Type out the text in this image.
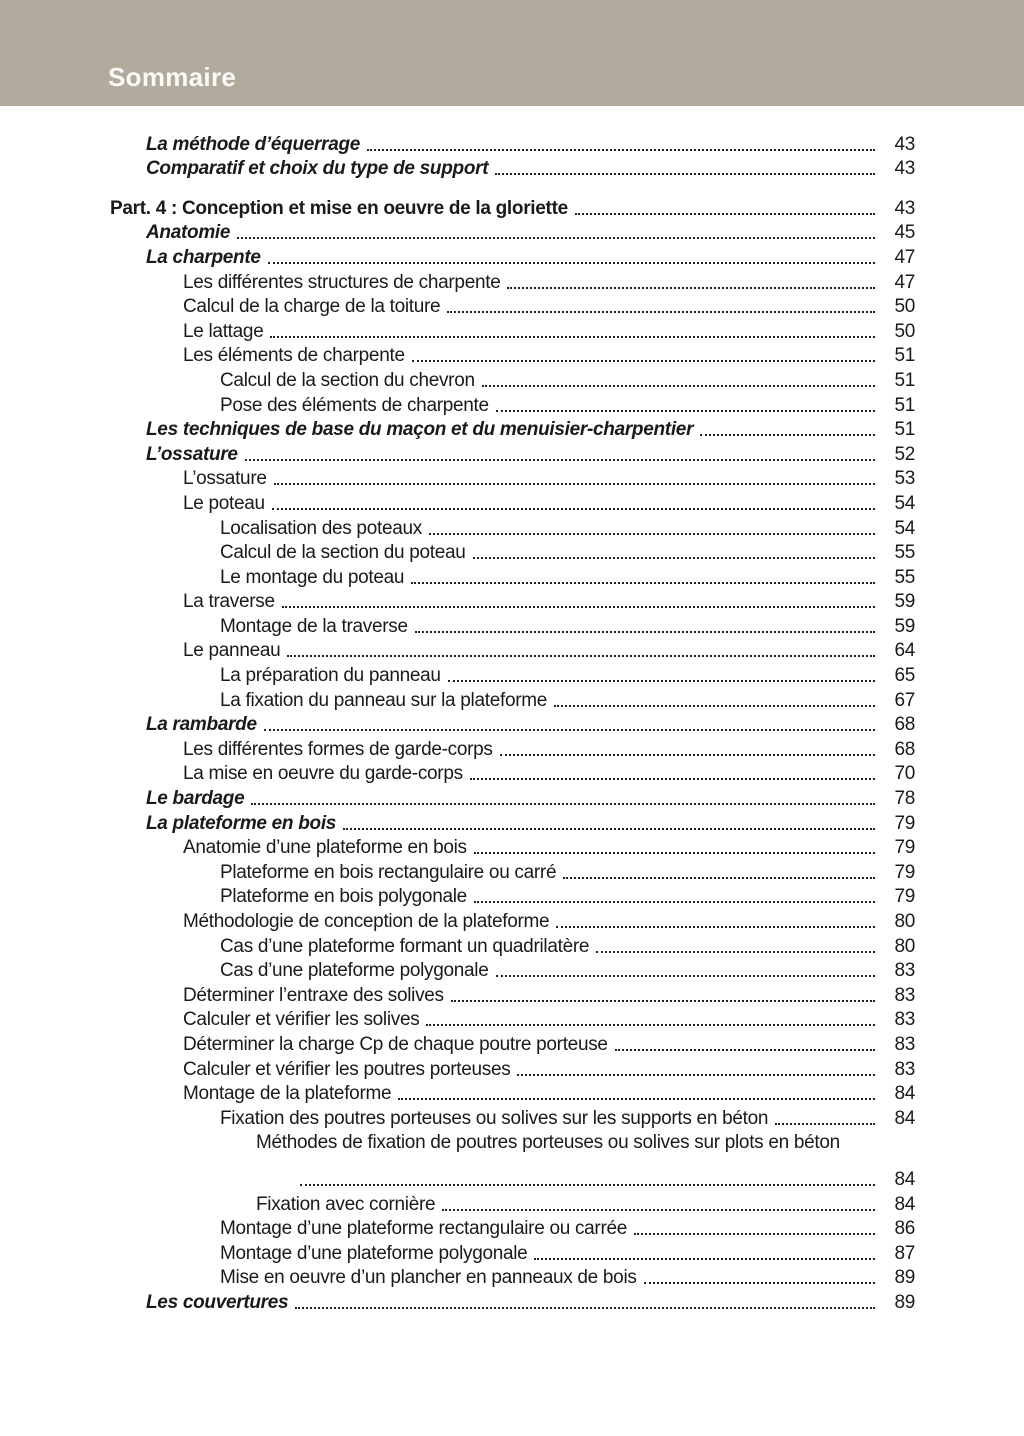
Sommaire
La méthode d’équerrage	43
Comparatif et choix du type de support	43
Part. 4 : Conception et mise en oeuvre de la gloriette	43
Anatomie	45
La charpente	47
Les différentes structures de charpente	47
Calcul de la charge de la toiture	50
Le lattage	50
Les éléments de charpente	51
Calcul de la section du chevron	51
Pose des éléments de charpente	51
Les techniques de base du maçon et du menuisier-charpentier	51
L’ossature	52
L’ossature	53
Le poteau	54
Localisation des poteaux	54
Calcul de la section du poteau	55
Le montage du poteau	55
La traverse	59
Montage de la traverse	59
Le panneau	64
La préparation du panneau	65
La fixation du panneau sur la plateforme	67
La rambarde	68
Les différentes formes de garde-corps	68
La mise en oeuvre du garde-corps	70
Le bardage	78
La plateforme en bois	79
Anatomie d’une plateforme en bois	79
Plateforme en bois rectangulaire ou carré	79
Plateforme en bois polygonale	79
Méthodologie de conception de la plateforme	80
Cas d’une plateforme formant un quadrilatère	80
Cas d’une plateforme polygonale	83
Déterminer l’entraxe des solives	83
Calculer et vérifier les solives	83
Déterminer la charge Cp de chaque poutre porteuse	83
Calculer et vérifier les poutres porteuses	83
Montage de la plateforme	84
Fixation des poutres porteuses ou solives sur les supports en béton	84
Méthodes de fixation de poutres porteuses ou solives sur plots en béton
84
Fixation avec cornière	84
Montage d’une plateforme rectangulaire ou carrée	86
Montage d’une plateforme polygonale	87
Mise en oeuvre d’un plancher en panneaux de bois	89
Les couvertures	89
